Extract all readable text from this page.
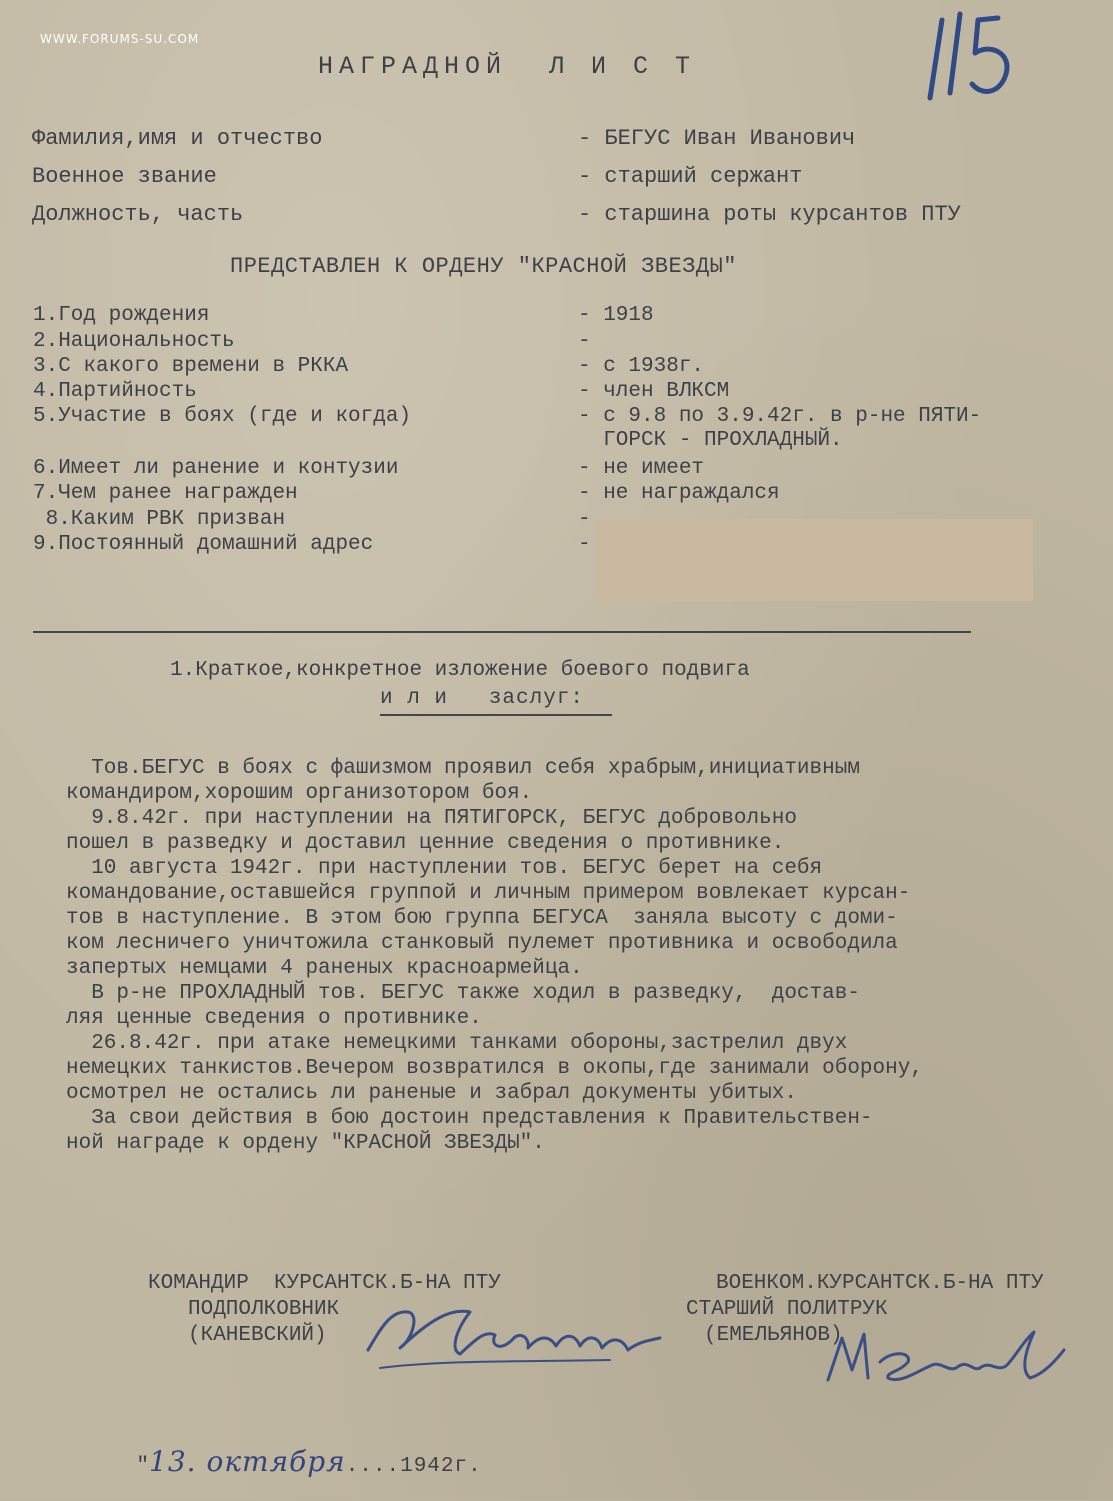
WWW.FORUMS-SU.COM
НАГРАДНОЙ  Л И С Т
Фамилия,имя и отчество	- БЕГУС Иван Иванович
Военное звание	- старший сержант
Должность, часть	- старшина роты курсантов ПТУ
ПРЕДСТАВЛЕН К ОРДЕНУ "КРАСНОЙ ЗВЕЗДЫ"
1.Год рождения	- 1918
2.Национальность	-
3.С какого времени в РККА	- с 1938г.
4.Партийность	- член ВЛКСМ
5.Участие в боях (где и когда)	- с 9.8 по 3.9.42г. в р-не ПЯТИ-
ГОРСК - ПРОХЛАДНЫЙ.
6.Имеет ли ранение и контузии	- не имеет
7.Чем ранее награжден	- не награждался
8.Каким РВК призван	-
9.Постоянный домашний адрес	-
1.Краткое,конкретное изложение боевого подвига
и л и   заслуг:
Тов.БЕГУС в боях с фашизмом проявил себя храбрым,инициативным
командиром,хорошим организотором боя.
9.8.42г. при наступлении на ПЯТИГОРСК, БЕГУС добровольно
пошел в разведку и доставил ценние сведения о противнике.
10 августа 1942г. при наступлении тов. БЕГУС берет на себя
командование,оставшейся группой и личным примером вовлекает курсан-
тов в наступление. В этом бою группа БЕГУСА  заняла высоту с доми-
ком лесничего уничтожила станковый пулемет противника и освободила
запертых немцами 4 раненых красноармейца.
В р-не ПРОХЛАДНЫЙ тов. БЕГУС также ходил в разведку,  достав-
ляя ценные сведения о противнике.
26.8.42г. при атаке немецкими танками обороны,застрелил двух
немецких танкистов.Вечером возвратился в окопы,где занимали оборону,
осмотрел не остались ли раненые и забрал документы убитых.
За свои действия в бою достоин представления к Правительствен-
ной награде к ордену "КРАСНОЙ ЗВЕЗДЫ".
КОМАНДИР  КУРСАНТСК.Б-НА ПТУ
ПОДПОЛКОВНИК
(КАНЕВСКИЙ)
ВОЕНКОМ.КУРСАНТСК.Б-НА ПТУ
СТАРШИЙ ПОЛИТРУК
(ЕМЕЛЬЯНОВ)

"13. октября....1942г.
